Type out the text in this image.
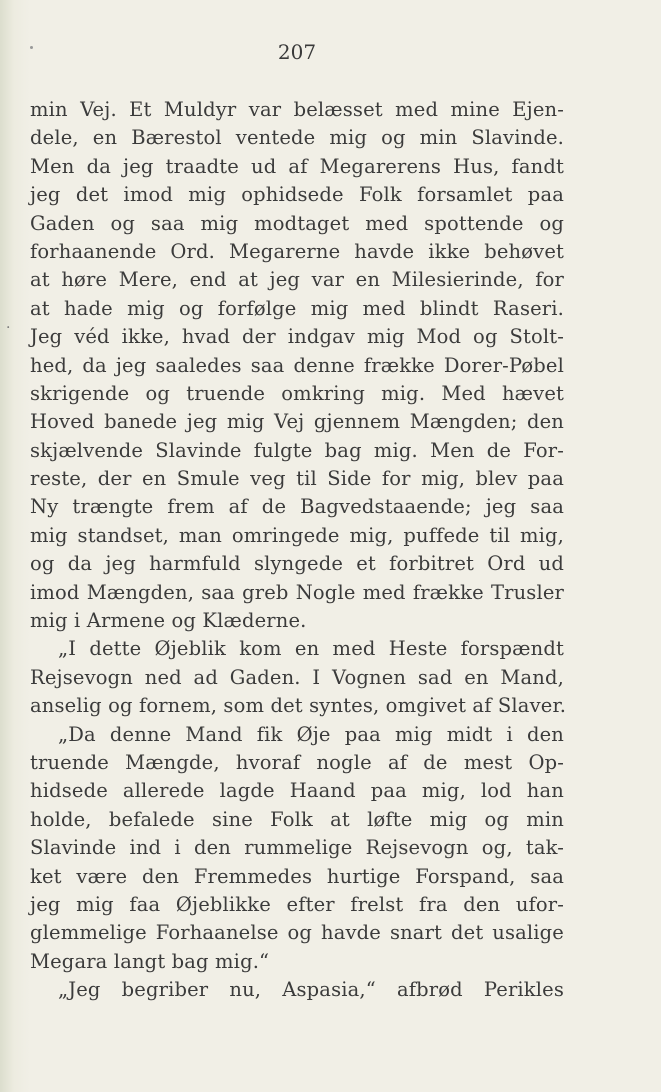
·
207
min Vej. Et Muldyr var belæsset med mine Ejen-
dele, en Bærestol ventede mig og min Slavinde.
Men da jeg traadte ud af Megarerens Hus, fandt
jeg det imod mig ophidsede Folk forsamlet paa
Gaden og saa mig modtaget med spottende og
forhaanende Ord. Megarerne havde ikke behøvet
at høre Mere, end at jeg var en Milesierinde, for
at hade mig og forfølge mig med blindt Raseri.
Jeg véd ikke, hvad der indgav mig Mod og Stolt-
hed, da jeg saaledes saa denne frække Dorer-Pøbel
skrigende og truende omkring mig. Med hævet
Hoved banede jeg mig Vej gjennem Mængden; den
skjælvende Slavinde fulgte bag mig. Men de For-
reste, der en Smule veg til Side for mig, blev paa
Ny trængte frem af de Bagvedstaaende; jeg saa
mig standset, man omringede mig, puffede til mig,
og da jeg harmfuld slyngede et forbitret Ord ud
imod Mængden, saa greb Nogle med frække Trusler
mig i Armene og Klæderne.
„I dette Øjeblik kom en med Heste forspændt
Rejsevogn ned ad Gaden. I Vognen sad en Mand,
anselig og fornem, som det syntes, omgivet af Slaver.
„Da denne Mand fik Øje paa mig midt i den
truende Mængde, hvoraf nogle af de mest Op-
hidsede allerede lagde Haand paa mig, lod han
holde, befalede sine Folk at løfte mig og min
Slavinde ind i den rummelige Rejsevogn og, tak-
ket være den Fremmedes hurtige Forspand, saa
jeg mig faa Øjeblikke efter frelst fra den ufor-
glemmelige Forhaanelse og havde snart det usalige
Megara langt bag mig.“
„Jeg begriber nu, Aspasia,“ afbrød Perikles
